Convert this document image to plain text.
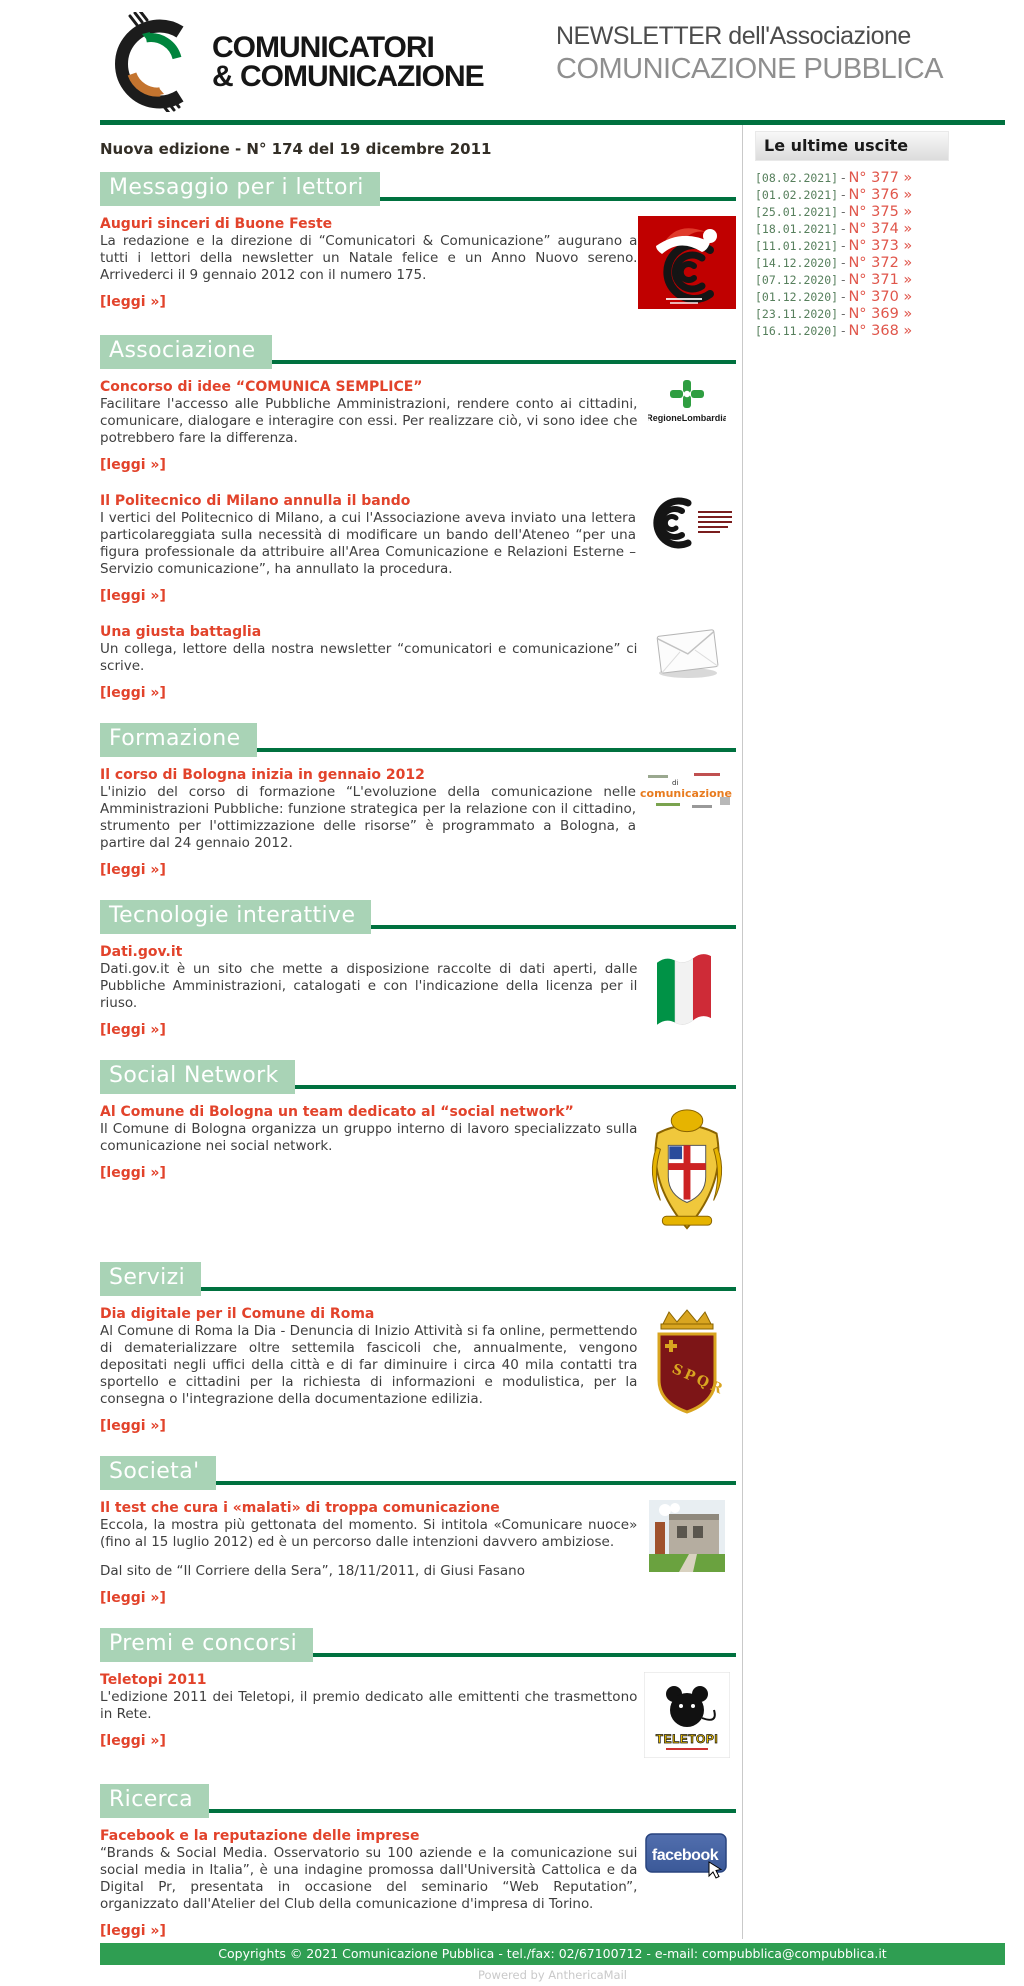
COMUNICATORI
& COMUNICAZIONE
NEWSLETTER dell'Associazione
COMUNICAZIONE PUBBLICA

Nuova edizione - N° 174 del 19 dicembre 2011

Messaggio per i lettori
Auguri sinceri di Buone Feste

La redazione e la direzione di “Comunicatori & Comunicazione” augurano a tutti i lettori della newsletter un Natale felice e un Anno Nuovo sereno. Arrivederci il 9 gennaio 2012 con il numero 175.

[leggi »]
Associazione
Concorso di idee “COMUNICA SEMPLICE”

Facilitare l'accesso alle Pubbliche Amministrazioni, rendere conto ai cittadini, comunicare, dialogare e interagire con essi. Per realizzare ciò, vi sono idee che potrebbero fare la differenza.

[leggi »]
RegioneLombardia
Il Politecnico di Milano annulla il bando

I vertici del Politecnico di Milano, a cui l'Associazione aveva inviato una lettera particolareggiata sulla necessità di modificare un bando dell'Ateneo “per una figura professionale da attribuire all'Area Comunicazione e Relazioni Esterne – Servizio comunicazione”, ha annullato la procedura.

[leggi »]
Una giusta battaglia

Un collega, lettore della nostra newsletter “comunicatori e comunicazione” ci scrive.

[leggi »]
Formazione
Il corso di Bologna inizia in gennaio 2012

L'inizio del corso di formazione “L'evoluzione della comunicazione nelle Amministrazioni Pubbliche: funzione strategica per la relazione con il cittadino, strumento per l'ottimizzazione delle risorse” è programmato a Bologna, a partire dal 24 gennaio 2012.

[leggi »]
di
comunicazione
Tecnologie interattive
Dati.gov.it

Dati.gov.it è un sito che mette a disposizione raccolte di dati aperti, dalle Pubbliche Amministrazioni, catalogati e con l'indicazione della licenza per il riuso.

[leggi »]
Social Network
Al Comune di Bologna un team dedicato al “social network”

Il Comune di Bologna organizza un gruppo interno di lavoro specializzato sulla comunicazione nei social network.

[leggi »]
Servizi
Dia digitale per il Comune di Roma

Al Comune di Roma la Dia - Denuncia di Inizio Attività si fa online, permettendo di dematerializzare oltre settemila fascicoli che, annualmente, vengono depositati negli uffici della città e di far diminuire i circa 40 mila contatti tra sportello e cittadini per la richiesta di informazioni e modulistica, per la consegna o l'integrazione della documentazione edilizia.

[leggi »]
SPQR
Societa'
Il test che cura i «malati» di troppa comunicazione

Eccola, la mostra più gettonata del momento. Si intitola «Comunicare nuoce» (fino al 15 luglio 2012) ed è un percorso dalle intenzioni davvero ambiziose.

Dal sito de “Il Corriere della Sera”, 18/11/2011, di Giusi Fasano

[leggi »]
Premi e concorsi
Teletopi 2011

L'edizione 2011 dei Teletopi, il premio dedicato alle emittenti che trasmettono in Rete.

[leggi »]	TELETOPI
Ricerca
Facebook e la reputazione delle imprese

“Brands & Social Media. Osservatorio su 100 aziende e la comunicazione sui social media in Italia”, è una indagine promossa dall'Università Cattolica e da Digital Pr, presentata in occasione del seminario “Web Reputation”, organizzato dall'Atelier del Club della comunicazione d'impresa di Torino.

[leggi »]
facebook
Le ultime uscite
[08.02.2021] - N° 377 »
[01.02.2021] - N° 376 »
[25.01.2021] - N° 375 »
[18.01.2021] - N° 374 »
[11.01.2021] - N° 373 »
[14.12.2020] - N° 372 »
[07.12.2020] - N° 371 »
[01.12.2020] - N° 370 »
[23.11.2020] - N° 369 »
[16.11.2020] - N° 368 »
Copyrights © 2021 Comunicazione Pubblica - tel./fax: 02/67100712 - e-mail: compubblica@compubblica.it
Powered by AnthericaMail
